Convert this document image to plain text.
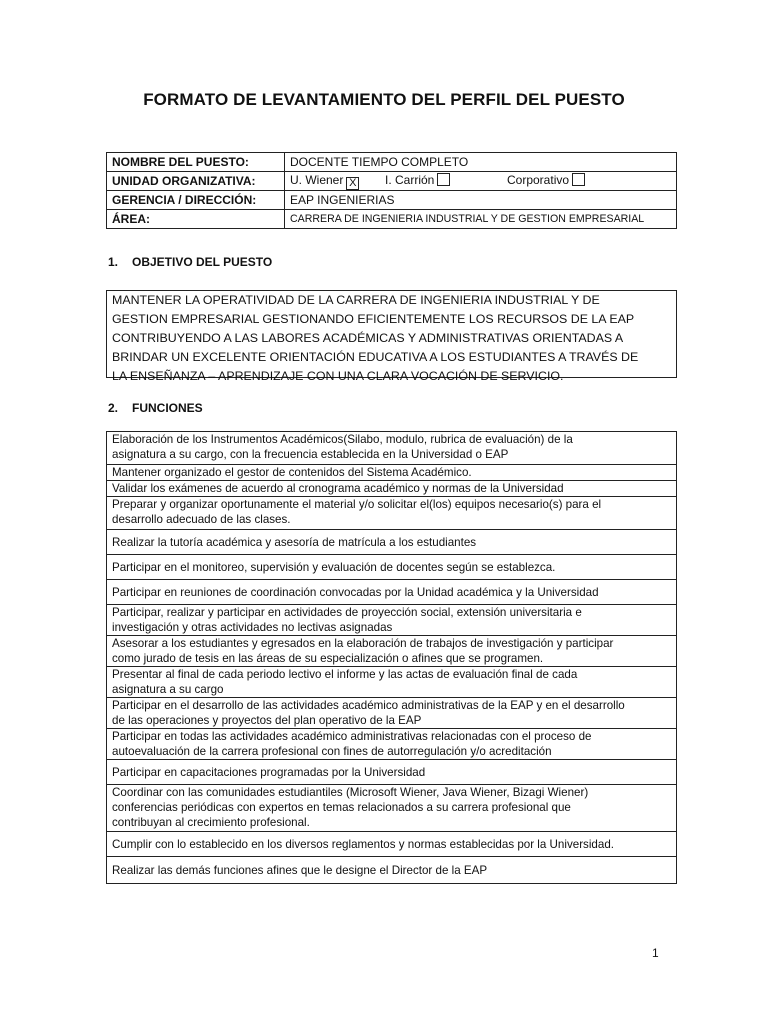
FORMATO DE LEVANTAMIENTO DEL PERFIL DEL PUESTO
NOMBRE DEL PUESTO:	DOCENTE TIEMPO COMPLETO
UNIDAD ORGANIZATIVA:	U. Wiener X I. Carrión Corporativo
GERENCIA / DIRECCIÓN:	EAP INGENIERIAS
ÁREA:	CARRERA DE INGENIERIA INDUSTRIAL Y DE GESTION EMPRESARIAL
1. OBJETIVO DEL PUESTO
MANTENER LA OPERATIVIDAD DE LA CARRERA DE INGENIERIA INDUSTRIAL Y DE
GESTION EMPRESARIAL GESTIONANDO EFICIENTEMENTE LOS RECURSOS DE LA EAP
CONTRIBUYENDO A LAS LABORES ACADÉMICAS Y ADMINISTRATIVAS ORIENTADAS A
BRINDAR UN EXCELENTE ORIENTACIÓN EDUCATIVA A LOS ESTUDIANTES A TRAVÉS DE
LA ENSEÑANZA – APRENDIZAJE CON UNA CLARA VOCACIÓN DE SERVICIO.
2. FUNCIONES
Elaboración de los Instrumentos Académicos(Silabo, modulo, rubrica de evaluación) de la
asignatura a su cargo, con la frecuencia establecida en la Universidad o EAP

Mantener organizado el gestor de contenidos del Sistema Académico.

Validar los exámenes de acuerdo al cronograma académico y normas de la Universidad

Preparar y organizar oportunamente el material y/o solicitar el(los) equipos necesario(s) para el
desarrollo adecuado de las clases.

Realizar la tutoría académica y asesoría de matrícula a los estudiantes

Participar en el monitoreo, supervisión y evaluación de docentes según se establezca.

Participar en reuniones de coordinación convocadas por la Unidad académica y la Universidad

Participar, realizar y participar en actividades de proyección social, extensión universitaria e
investigación y otras actividades no lectivas asignadas

Asesorar a los estudiantes y egresados en la elaboración de trabajos de investigación y participar
como jurado de tesis en las áreas de su especialización o afines que se programen.

Presentar al final de cada periodo lectivo el informe y las actas de evaluación final de cada
asignatura a su cargo

Participar en el desarrollo de las actividades académico administrativas de la EAP y en el desarrollo
de las operaciones y proyectos del plan operativo de la EAP

Participar en todas las actividades académico administrativas relacionadas con el proceso de
autoevaluación de la carrera profesional con fines de autorregulación y/o acreditación

Participar en capacitaciones programadas por la Universidad

Coordinar con las comunidades estudiantiles (Microsoft Wiener, Java Wiener, Bizagi Wiener)
conferencias periódicas con expertos en temas relacionados a su carrera profesional que
contribuyan al crecimiento profesional.

Cumplir con lo establecido en los diversos reglamentos y normas establecidas por la Universidad.

Realizar las demás funciones afines que le designe el Director de la EAP
1
